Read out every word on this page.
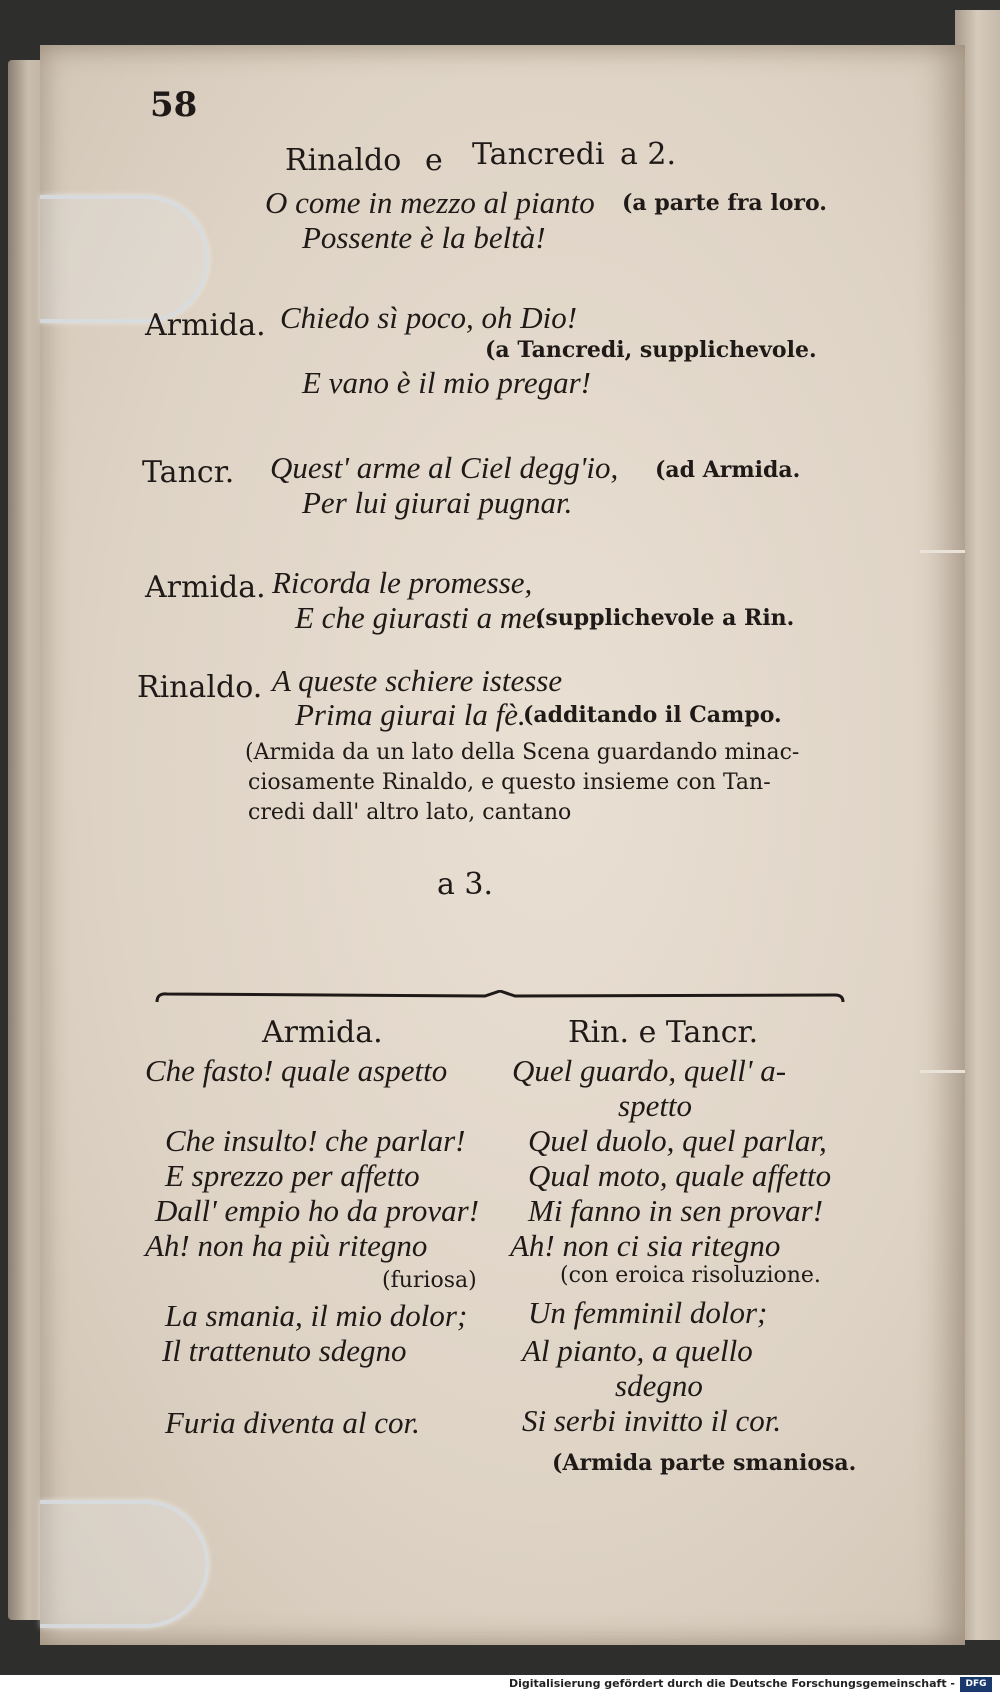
58
Rinaldo e Tancredi a 2.
O come in mezzo al pianto (a parte fra loro.
Possente è la beltà!
Armida. Chiedo sì poco, oh Dio!
(a Tancredi, supplichevole.
E vano è il mio pregar!
Tancr. Quest' arme al Ciel degg'io, (ad Armida.
Per lui giurai pugnar.
Armida. Ricorda le promesse,
E che giurasti a me.
(supplichevole a Rin.
Rinaldo. A queste schiere istesse
Prima giurai la fè.
(additando il Campo.
(Armida da un lato della Scena guardando minac-
ciosamente Rinaldo, e questo insieme con Tan-
credi dall' altro lato, cantano
a 3.
Armida.
Che fasto! quale aspetto
Che insulto! che parlar!
E sprezzo per affetto
Dall' empio ho da provar!
Ah! non ha più ritegno
(furiosa)
La smania, il mio dolor;
Il trattenuto sdegno
Furia diventa al cor.
Rin. e Tancr.
Quel guardo, quell' a-
spetto
Quel duolo, quel parlar,
Qual moto, quale affetto
Mi fanno in sen provar!
Ah! non ci sia ritegno
(con eroica risoluzione.
Un femminil dolor;
Al pianto, a quello
sdegno
Si serbi invitto il cor.
(Armida parte smaniosa.
Digitalisierung gefördert durch die Deutsche Forschungsgemeinschaft -	DFG
